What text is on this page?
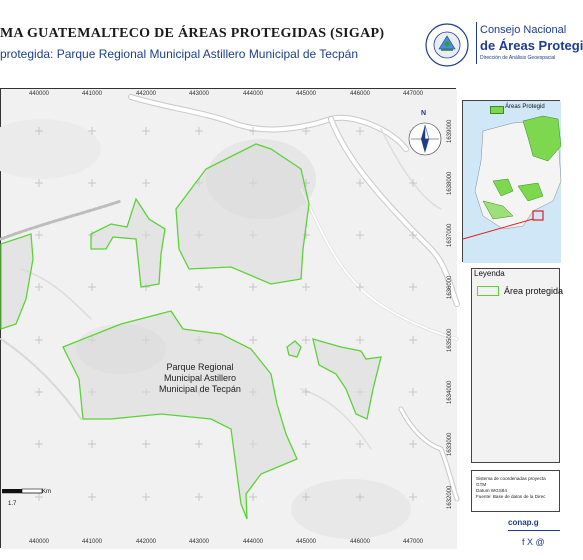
MA GUATEMALTECO DE ÁREAS PROTEGIDAS (SIGAP)
protegida: Parque Regional Municipal Astillero Municipal de Tecpán
Consejo Nacional
de Áreas Protegi
Dirección de Análisis Geoespacial
440000	441000	442000	443000	444000	445000	446000	447000
440000	441000	442000	443000	444000	445000	446000	447000
1639000
1638000
1637000
1636000
1635000
1634000
1633000
1632000
Parque Regional
Municipal Astillero
Municipal de Tecpán
N
Km
1.7
Áreas Protegid
Leyenda
Área protegida
Sistema de coordenadas proyecta
GTM
Datum WGS84
Fuente: Base de datos de la Direc
conap.g
f X @
